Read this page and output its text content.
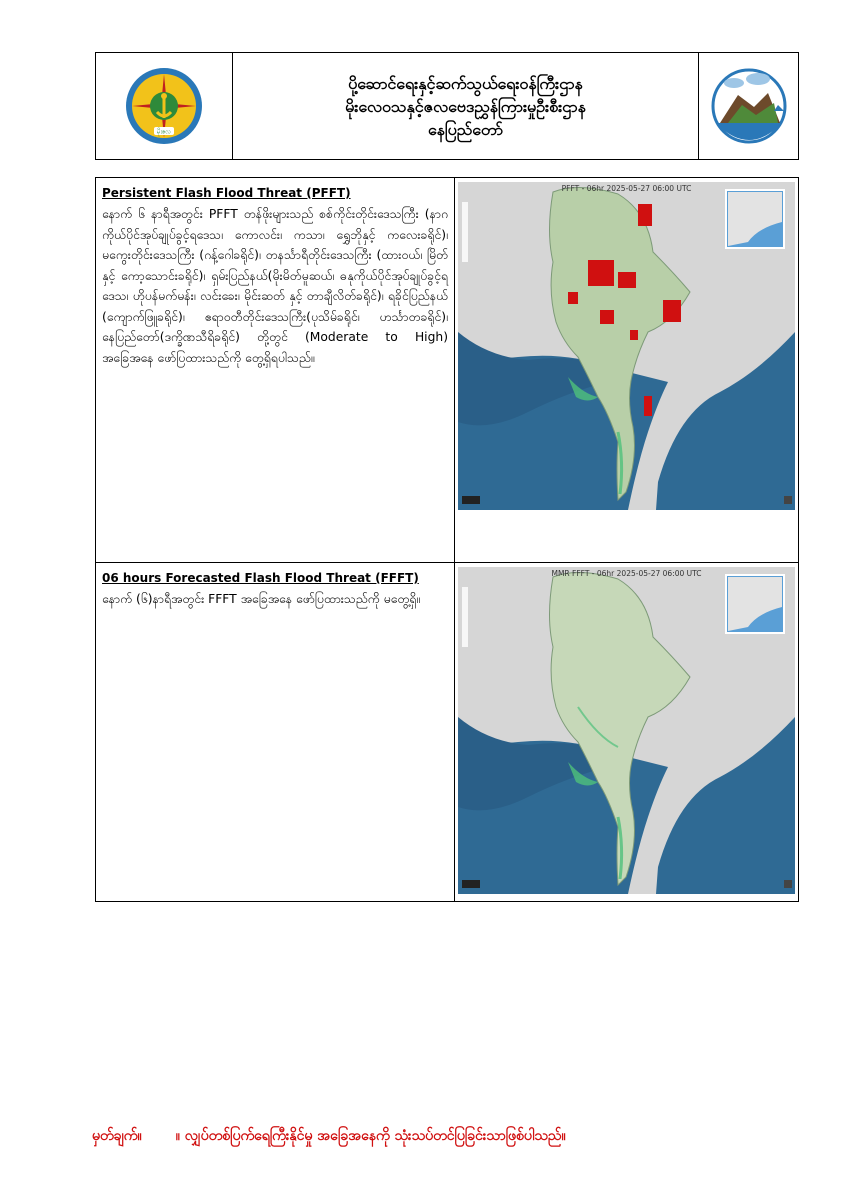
မိုးဇလ
ပို့ဆောင်ရေးနှင့်ဆက်သွယ်ရေးဝန်ကြီးဌာန
မိုးလေဝသနှင့်ဇလဗေဒညွှန်ကြားမှုဦးစီးဌာန
နေပြည်တော်
Persistent Flash Flood Threat (PFFT)
နောက် ၆ နာရီအတွင်း PFFT တန်ဖိုးများသည် စစ်ကိုင်းတိုင်းဒေသကြီး (နာဂကိုယ်ပိုင်အုပ်ချုပ်ခွင့်ရဒေသ၊ ကောလင်း၊ ကသာ၊ ရွှေဘိုနှင့် ကလေးခရိုင်)၊ မကွေးတိုင်းဒေသကြီး (ဂန့်ဂေါခရိုင်)၊ တနင်္သာရီတိုင်းဒေသကြီး (ထားဝယ်၊ မြိတ်နှင့် ကော့သောင်းခရိုင်)၊ ရှမ်းပြည်နယ်(မိုးမိတ်မူဆယ်၊ ဓနုကိုယ်ပိုင်အုပ်ချုပ်ခွင့်ရဒေသ၊ ဟိုပန်မက်မန်း၊ လင်းခေး၊ မိုင်းဆတ် နှင့် တာချီလိတ်ခရိုင်)၊ ရခိုင်ပြည်နယ် (ကျောက်ဖြူခရိုင်)၊ ဧရာဝတီတိုင်းဒေသကြီး(ပုသိမ်ခရိုင်၊ ဟင်္သာတခရိုင်)၊ နေပြည်တော်(ဒက္ခိဏသီရိခရိုင်) တို့တွင် (Moderate to High) အခြေအနေ ဖော်ပြထားသည်ကို တွေ့ရှိရပါသည်။
PFFT - 06hr 2025-05-27 06:00 UTC
06 hours Forecasted Flash Flood Threat (FFFT)
နောက် (၆)နာရီအတွင်း FFFT အခြေအနေ ဖော်ပြထားသည်ကို မတွေ့ရှိ။
MMR FFFT - 06hr 2025-05-27 06:00 UTC
မှတ်ချက်။ ။ လျှပ်တစ်ပြက်ရေကြီးနိုင်မှု အခြေအနေကို သုံးသပ်တင်ပြခြင်းသာဖြစ်ပါသည်။
